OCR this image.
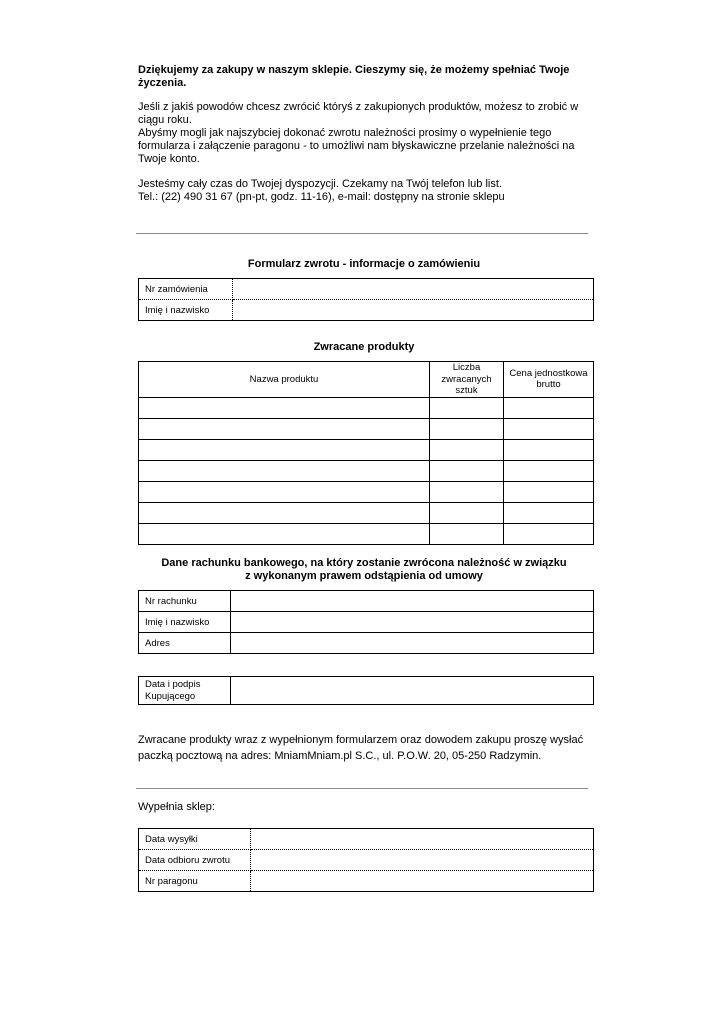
Dziękujemy za zakupy w naszym sklepie. Cieszymy się, że możemy spełniać Twoje życzenia.

Jeśli z jakiś powodów chcesz zwrócić któryś z zakupionych produktów, możesz to zrobić w ciągu roku.

Abyśmy mogli jak najszybciej dokonać zwrotu należności prosimy o wypełnienie tego formularza i załączenie paragonu - to umożliwi nam błyskawiczne przelanie należności na Twoje konto.

Jesteśmy cały czas do Twojej dyspozycji. Czekamy na Twój telefon lub list.

Tel.: (22) 490 31 67 (pn-pt, godz. 11-16), e-mail: dostępny na stronie sklepu

Formularz zwrotu - informacje o zamówieniu
Nr zamówienia	
Imię i nazwisko	
Zwracane produkty
Nazwa produktu	Liczba zwracanych sztuk	Cena jednostkowa brutto

Dane rachunku bankowego, na który zostanie zwrócona należność w związku
z wykonanym prawem odstąpienia od umowy
Nr rachunku	
Imię i nazwisko	
Adres	
Data i podpis Kupującego	

Zwracane produkty wraz z wypełnionym formularzem oraz dowodem zakupu proszę wysłać paczką pocztową na adres: MniamMniam.pl S.C., ul. P.O.W. 20, 05-250 Radzymin.

Wypełnia sklep:

Data wysyłki	
Data odbioru zwrotu	
Nr paragonu	
